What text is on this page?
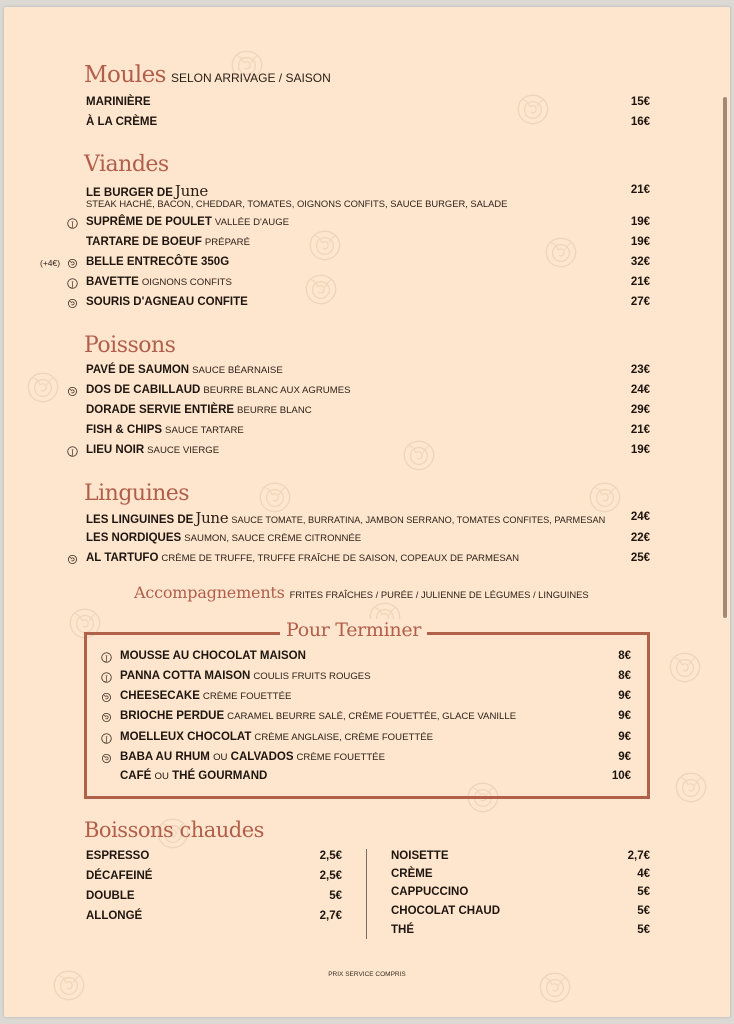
Moules SELON ARRIVAGE / SAISON
MARINIÈRE	15€
À LA CRÈME	16€
Viandes
LE BURGER DE June	21€
STEAK HACHÉ, BACON, CHEDDAR, TOMATES, OIGNONS CONFITS, SAUCE BURGER, SALADE
SUPRÊME DE POULET VALLÉE D'AUGE	19€
TARTARE DE BOEUF PRÉPARÉ	19€
(+4€) BELLE ENTRECÔTE 350G	32€
BAVETTE OIGNONS CONFITS	21€
SOURIS D'AGNEAU CONFITE	27€
Poissons
PAVÉ DE SAUMON SAUCE BÉARNAISE	23€
DOS DE CABILLAUD BEURRE BLANC AUX AGRUMES	24€
DORADE SERVIE ENTIÈRE BEURRE BLANC	29€
FISH & CHIPS SAUCE TARTARE	21€
LIEU NOIR SAUCE VIERGE	19€
Linguines
LES LINGUINES DE June SAUCE TOMATE, BURRATINA, JAMBON SERRANO, TOMATES CONFITES, PARMESAN 24€
LES NORDIQUES SAUMON, SAUCE CRÈME CITRONNÉE	22€
AL TARTUFO CRÈME DE TRUFFE, TRUFFE FRAÎCHE DE SAISON, COPEAUX DE PARMESAN	25€
Accompagnements FRITES FRAÎCHES / PURÉE / JULIENNE DE LÉGUMES / LINGUINES
Pour Terminer
MOUSSE AU CHOCOLAT MAISON	8€
PANNA COTTA MAISON COULIS FRUITS ROUGES	8€
CHEESECAKE CRÈME FOUETTÉE	9€
BRIOCHE PERDUE CARAMEL BEURRE SALÉ, CRÈME FOUETTÉE, GLACE VANILLE	9€
MOELLEUX CHOCOLAT CRÈME ANGLAISE, CRÈME FOUETTÉE	9€
BABA AU RHUM OU CALVADOS CRÈME FOUETTÉE	9€
CAFÉ OU THÉ GOURMAND	10€
Boissons chaudes
ESPRESSO	2,5€
DÉCAFEINÉ	2,5€
DOUBLE	5€
ALLONGÉ	2,7€
NOISETTE	2,7€
CRÈME	4€
CAPPUCCINO	5€
CHOCOLAT CHAUD	5€
THÉ	5€
PRIX SERVICE COMPRIS
